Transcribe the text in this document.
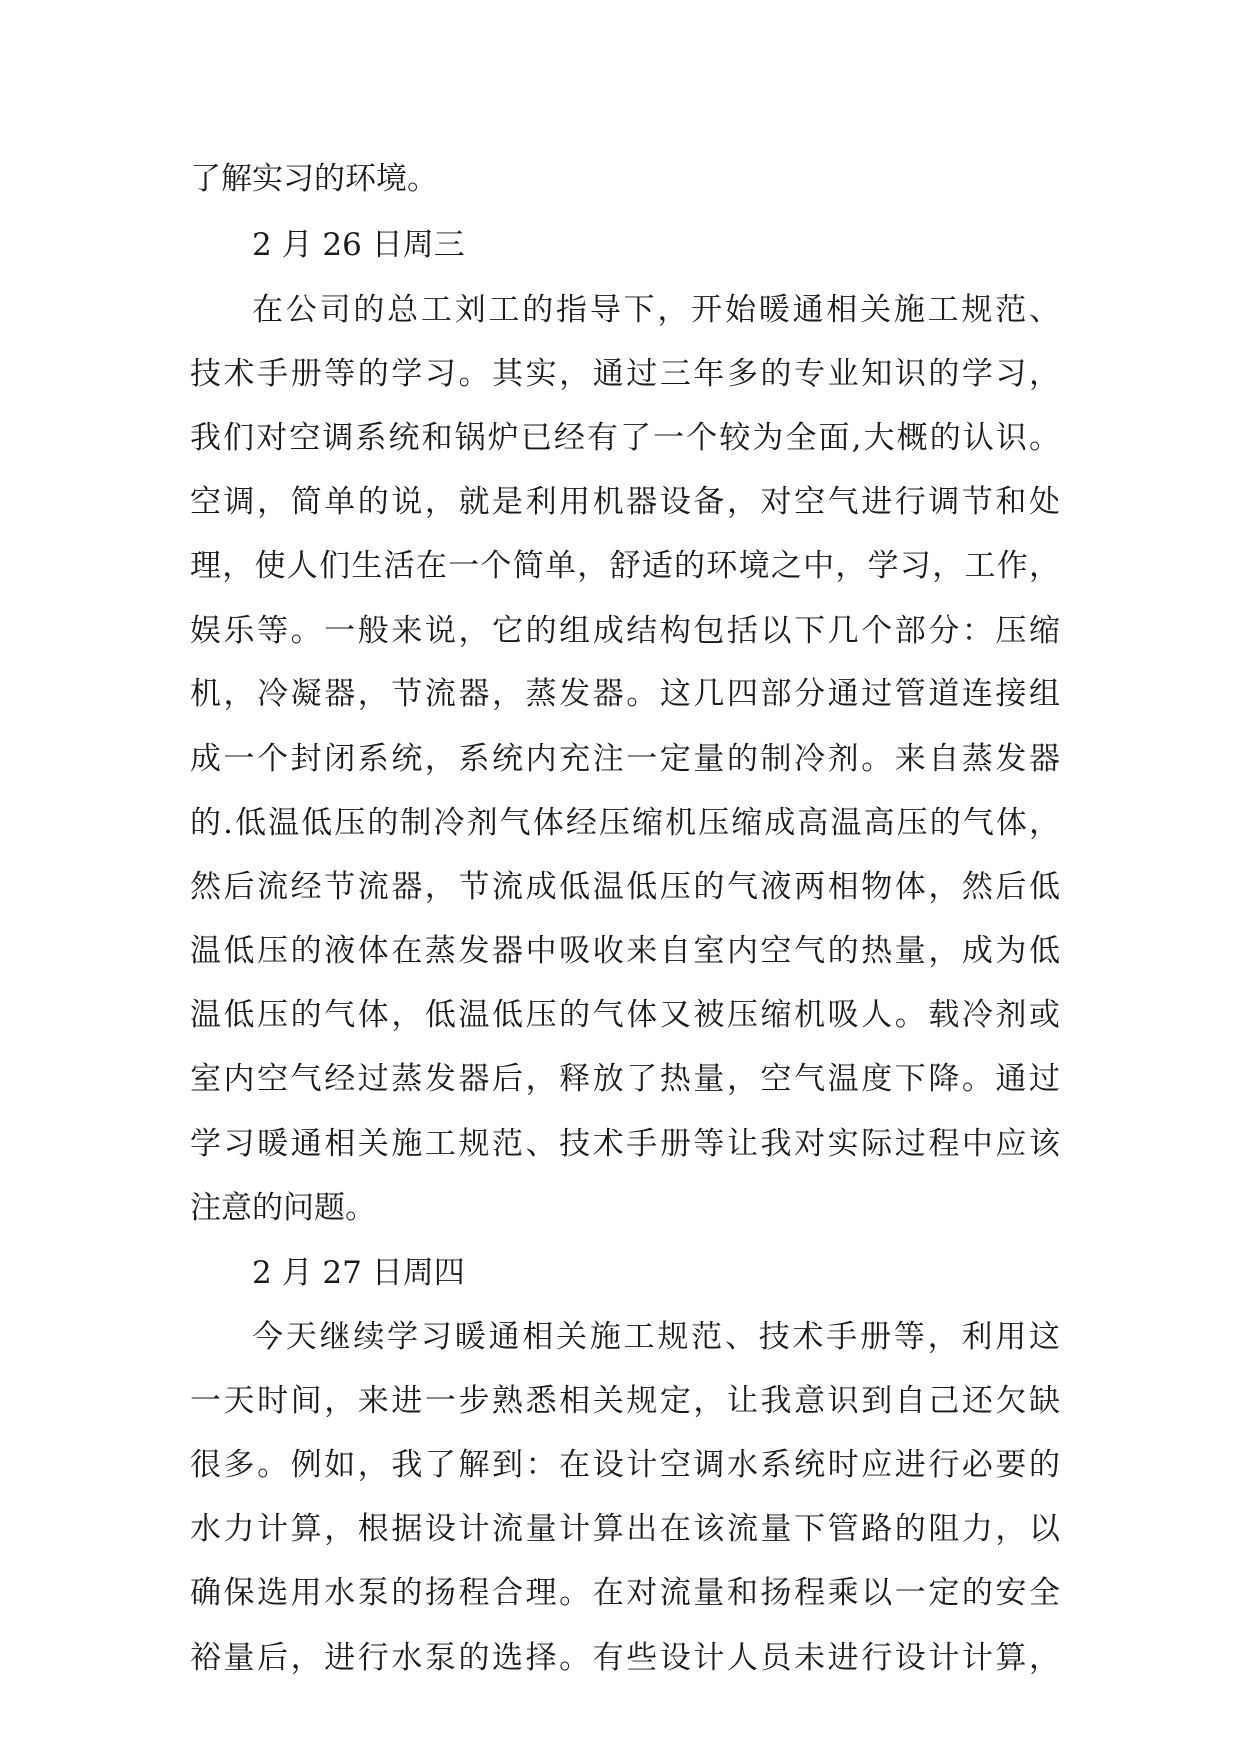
了解实习的环境。
2 月 26 日周三
在公司的总工刘工的指导下，开始暖通相关施工规范、
技术手册等的学习。其实，通过三年多的专业知识的学习，
我们对空调系统和锅炉已经有了一个较为全面,大概的认识。
空调，简单的说，就是利用机器设备，对空气进行调节和处
理，使人们生活在一个简单，舒适的环境之中，学习，工作，
娱乐等。一般来说，它的组成结构包括以下几个部分：压缩
机，冷凝器，节流器，蒸发器。这几四部分通过管道连接组
成一个封闭系统，系统内充注一定量的制冷剂。来自蒸发器
的.低温低压的制冷剂气体经压缩机压缩成高温高压的气体，
然后流经节流器，节流成低温低压的气液两相物体，然后低
温低压的液体在蒸发器中吸收来自室内空气的热量，成为低
温低压的气体，低温低压的气体又被压缩机吸人。载冷剂或
室内空气经过蒸发器后，释放了热量，空气温度下降。通过
学习暖通相关施工规范、技术手册等让我对实际过程中应该
注意的问题。
2 月 27 日周四
今天继续学习暖通相关施工规范、技术手册等，利用这
一天时间，来进一步熟悉相关规定，让我意识到自己还欠缺
很多。例如，我了解到：在设计空调水系统时应进行必要的
水力计算，根据设计流量计算出在该流量下管路的阻力，以
确保选用水泵的扬程合理。在对流量和扬程乘以一定的安全
裕量后，进行水泵的选择。有些设计人员未进行设计计算，
